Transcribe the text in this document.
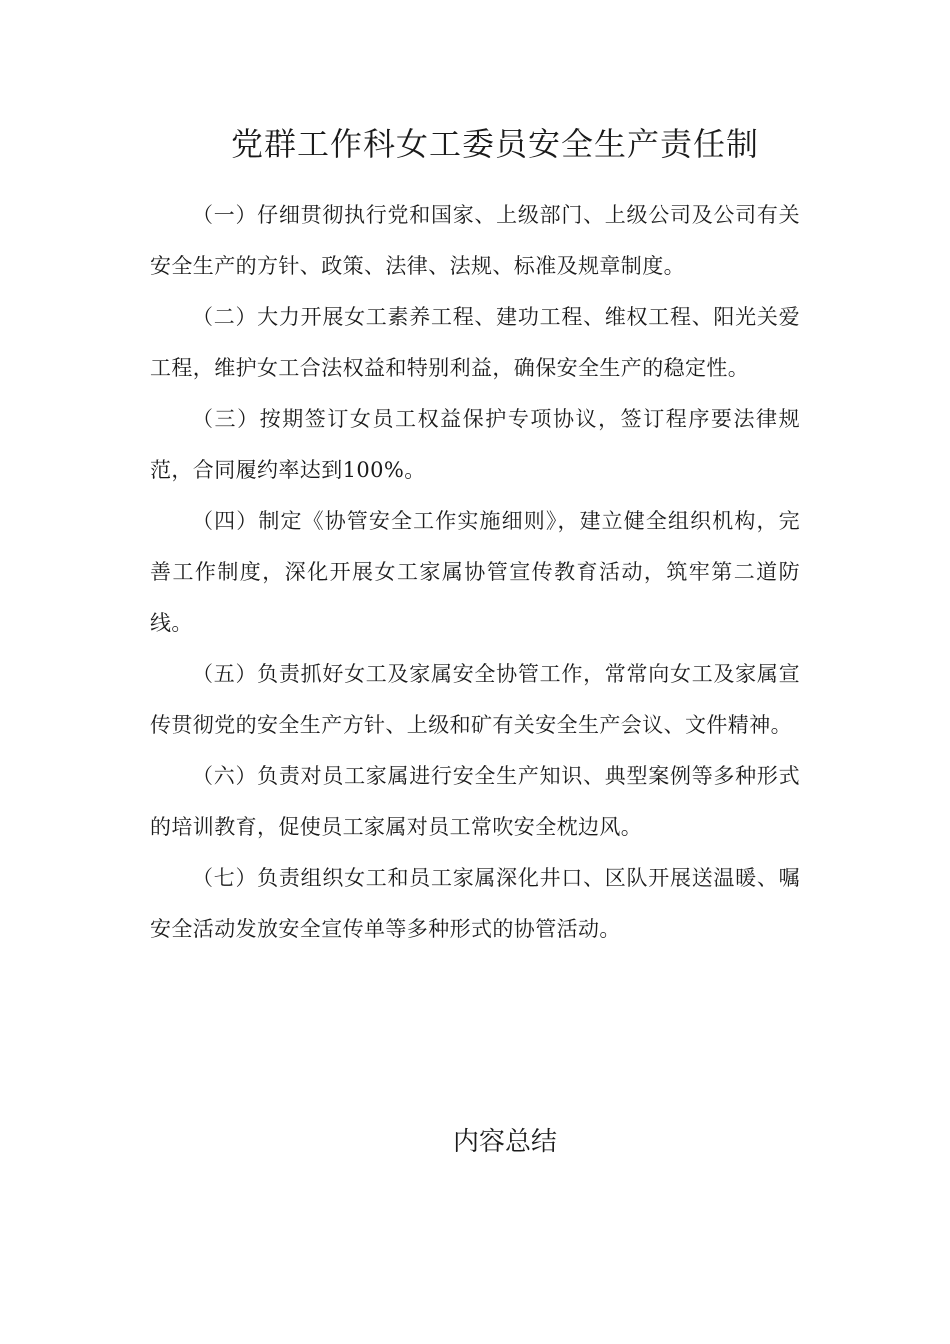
党群工作科女工委员安全生产责任制

（一）仔细贯彻执行党和国家、上级部门、上级公司及公司有关安全生产的方针、政策、法律、法规、标准及规章制度。

（二）大力开展女工素养工程、建功工程、维权工程、阳光关爱工程，维护女工合法权益和特别利益，确保安全生产的稳定性。

（三）按期签订女员工权益保护专项协议，签订程序要法律规范，合同履约率达到100%。

（四）制定《协管安全工作实施细则》，建立健全组织机构，完善工作制度，深化开展女工家属协管宣传教育活动，筑牢第二道防线。

（五）负责抓好女工及家属安全协管工作，常常向女工及家属宣传贯彻党的安全生产方针、上级和矿有关安全生产会议、文件精神。

（六）负责对员工家属进行安全生产知识、典型案例等多种形式的培训教育，促使员工家属对员工常吹安全枕边风。

（七）负责组织女工和员工家属深化井口、区队开展送温暖、嘱安全活动发放安全宣传单等多种形式的协管活动。

内容总结
